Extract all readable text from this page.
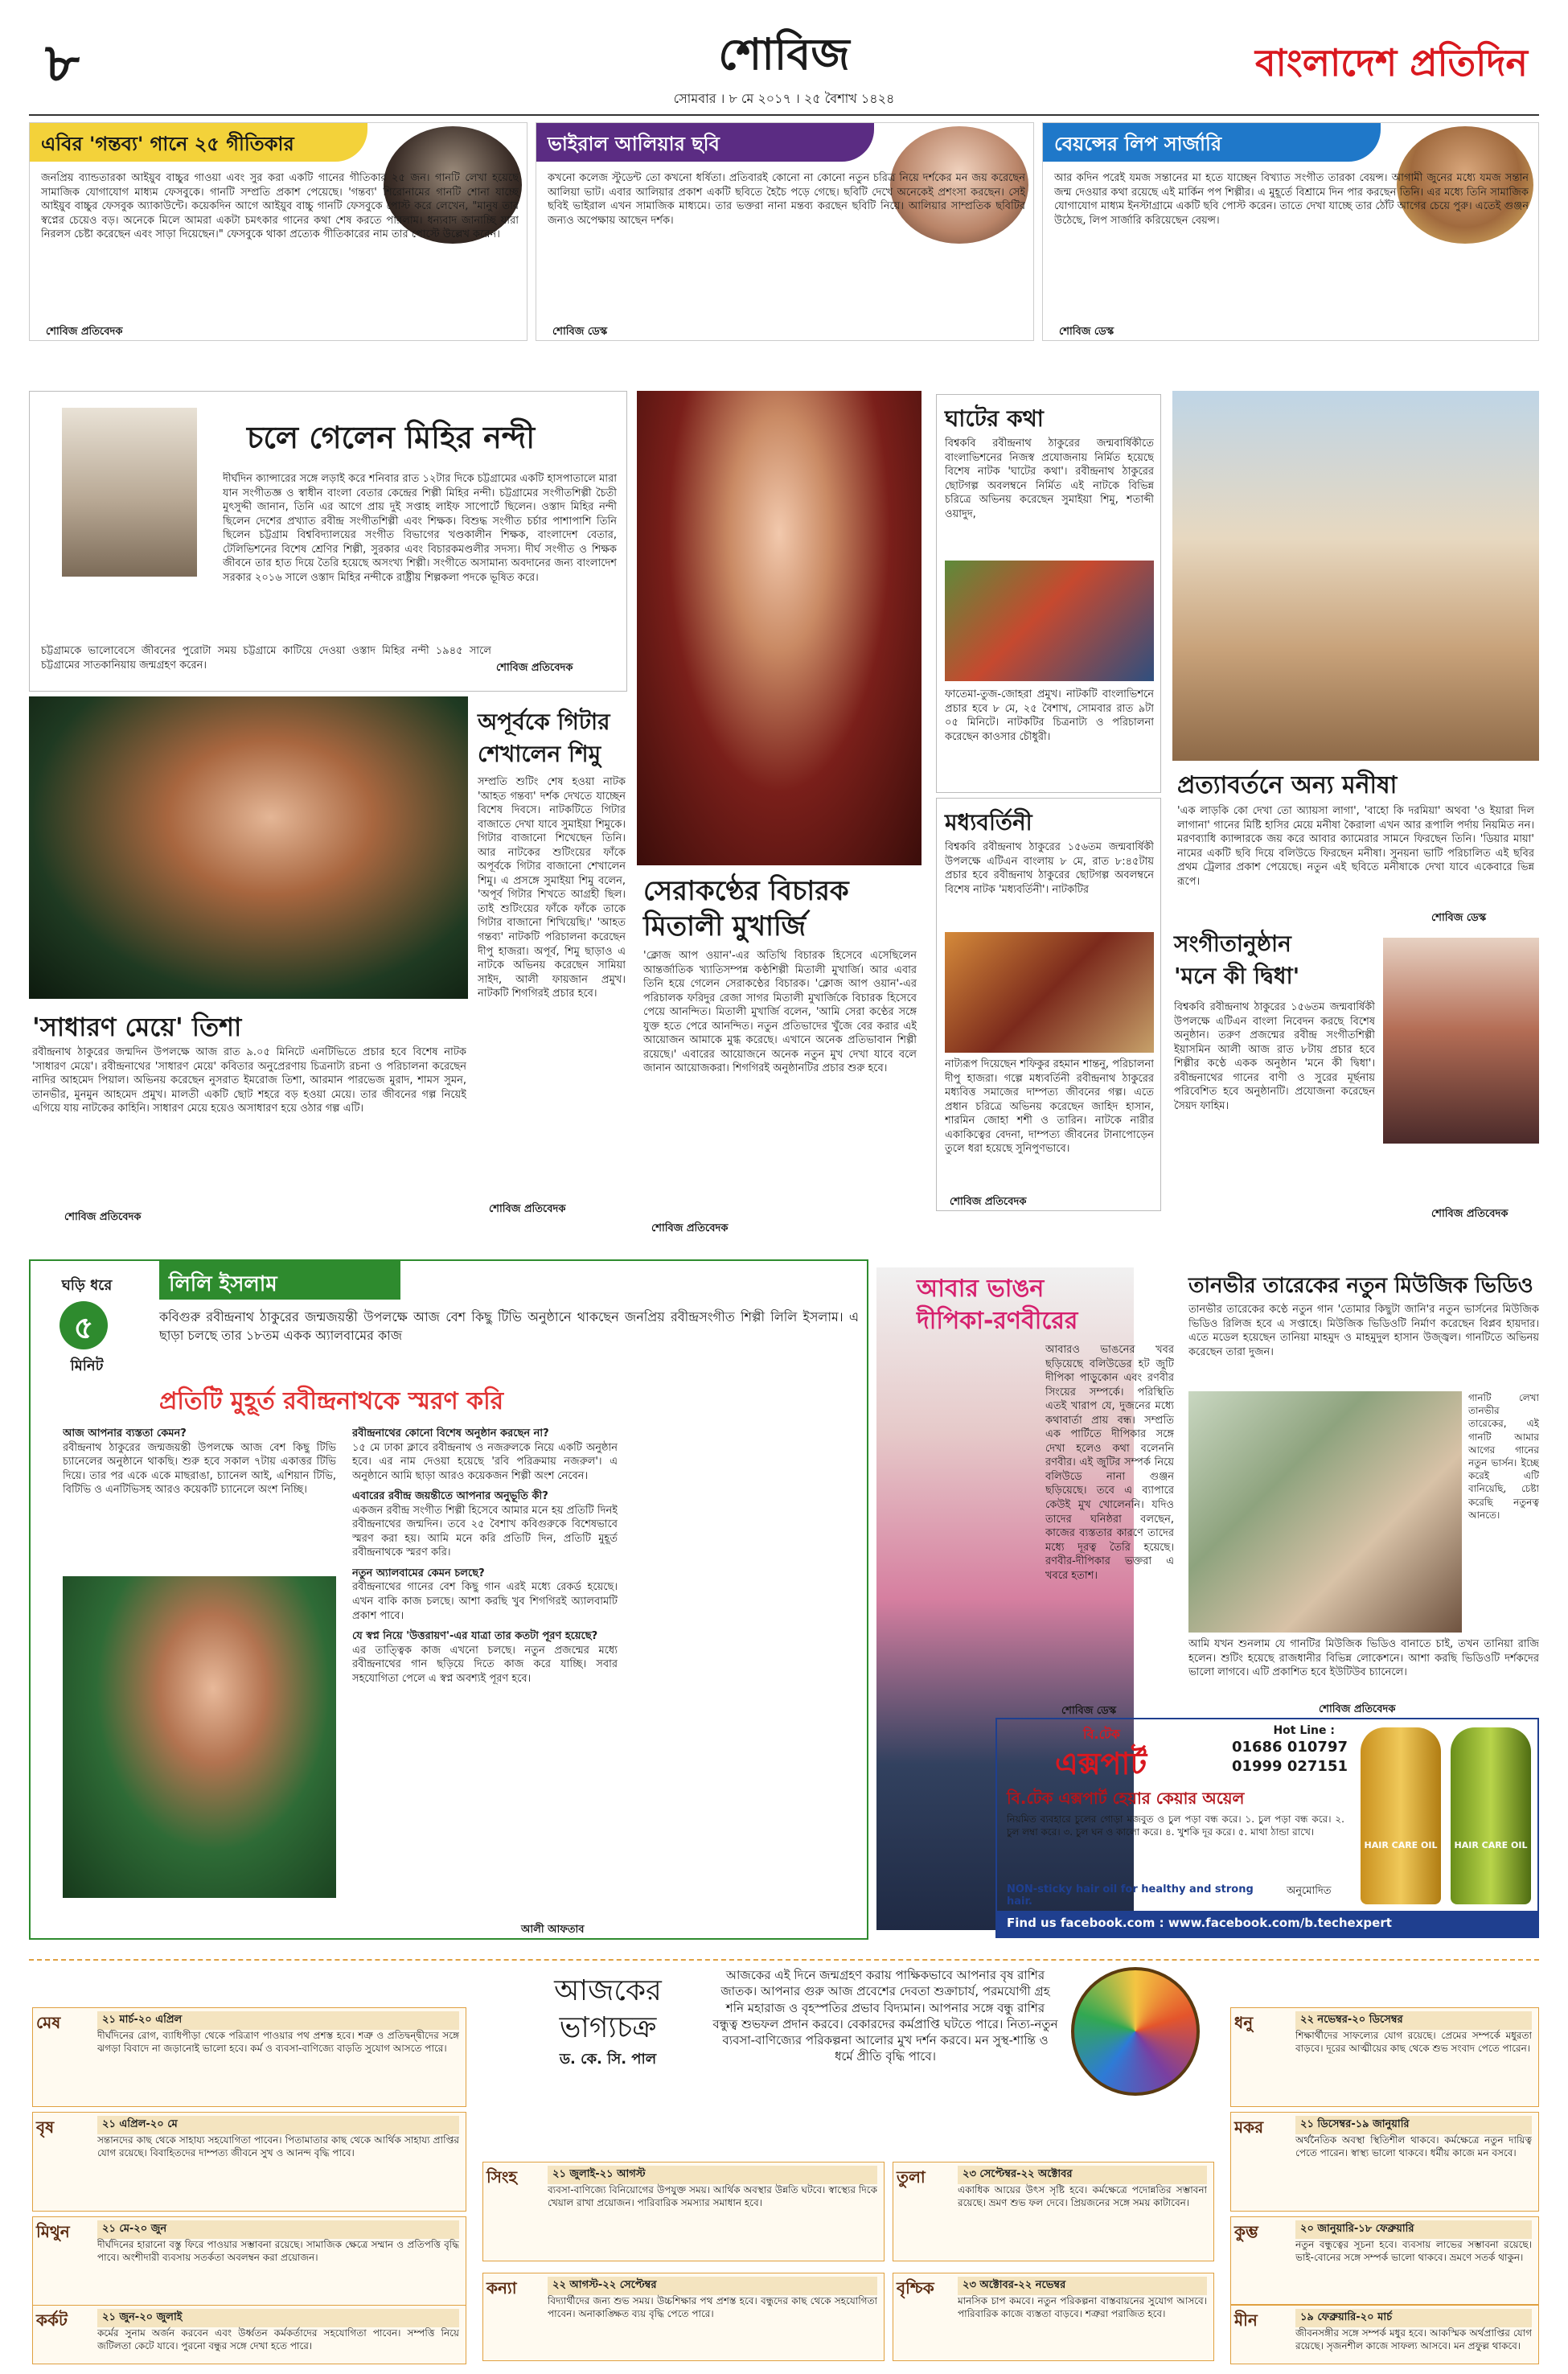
৮	শোবিজ
সোমবার । ৮ মে ২০১৭ । ২৫ বৈশাখ ১৪২৪
বাংলাদেশ প্রতিদিন
এবির 'গন্তব্য' গানে ২৫ গীতিকার
জনপ্রিয় ব্যান্ডতারকা আইয়ুব বাচ্চুর গাওয়া এবং সুর করা একটি গানের গীতিকার ২৫ জন। গানটি লেখা হয়েছে সামাজিক যোগাযোগ মাধ্যম ফেসবুকে। গানটি সম্প্রতি প্রকাশ পেয়েছে। 'গন্তব্য' শিরোনামের গানটি শোনা যাচ্ছে আইয়ুব বাচ্চুর ফেসবুক অ্যাকাউন্টে। কয়েকদিন আগে আইয়ুব বাচ্চু গানটি ফেসবুকে পোস্ট করে লেখেন, "মানুষ তার স্বপ্নের চেয়েও বড়। অনেকে মিলে আমরা একটা চমৎকার গানের কথা শেষ করতে পারলাম। ধন্যবাদ জানাচ্ছি যারা নিরলস চেষ্টা করেছেন এবং সাড়া দিয়েছেন।" ফেসবুকে থাকা প্রত্যেক গীতিকারের নাম তার পোস্টে উল্লেখ করেন।
শোবিজ প্রতিবেদক
ভাইরাল আলিয়ার ছবি
কখনো কলেজ স্টুডেন্ট তো কখনো ধর্ষিতা। প্রতিবারই কোনো না কোনো নতুন চরিত্র নিয়ে দর্শকের মন জয় করেছেন আলিয়া ভাট। এবার আলিয়ার প্রকাশ একটি ছবিতে হৈচৈ পড়ে গেছে। ছবিটি দেখে অনেকেই প্রশংসা করছেন। সেই ছবিই ভাইরাল এখন সামাজিক মাধ্যমে। তার ভক্তরা নানা মন্তব্য করছেন ছবিটি নিয়ে। আলিয়ার সাম্প্রতিক ছবিটির জন্যও অপেক্ষায় আছেন দর্শক।
শোবিজ ডেস্ক
বেয়ন্সের লিপ সার্জারি
আর কদিন পরেই যমজ সন্তানের মা হতে যাচ্ছেন বিখ্যাত সংগীত তারকা বেয়ন্স। আগামী জুনের মধ্যে যমজ সন্তান জন্ম দেওয়ার কথা রয়েছে এই মার্কিন পপ শিল্পীর। এ মুহূর্তে বিশ্রামে দিন পার করছেন তিনি। এর মধ্যে তিনি সামাজিক যোগাযোগ মাধ্যম ইনস্টাগ্রামে একটি ছবি পোস্ট করেন। তাতে দেখা যাচ্ছে তার ঠোঁট আগের চেয়ে পুরু। এতেই গুঞ্জন উঠেছে, লিপ সার্জারি করিয়েছেন বেয়ন্স।
শোবিজ ডেস্ক
চলে গেলেন মিহির নন্দী
দীর্ঘদিন ক্যান্সারের সঙ্গে লড়াই করে শনিবার রাত ১২টার দিকে চট্টগ্রামের একটি হাসপাতালে মারা যান সংগীতজ্ঞ ও স্বাধীন বাংলা বেতার কেন্দ্রের শিল্পী মিহির নন্দী। চট্টগ্রামের সংগীতশিল্পী চৈতী মুৎসুদ্দী জানান, তিনি এর আগে প্রায় দুই সপ্তাহ লাইফ সাপোর্টে ছিলেন। ওস্তাদ মিহির নন্দী ছিলেন দেশের প্রখ্যাত রবীন্দ্র সংগীতশিল্পী এবং শিক্ষক। বিশুদ্ধ সংগীত চর্চার পাশাপাশি তিনি ছিলেন চট্টগ্রাম বিশ্ববিদ্যালয়ের সংগীত বিভাগের খণ্ডকালীন শিক্ষক, বাংলাদেশ বেতার, টেলিভিশনের বিশেষ শ্রেণির শিল্পী, সুরকার এবং বিচারকমণ্ডলীর সদস্য। দীর্ঘ সংগীত ও শিক্ষক জীবনে তার হাত দিয়ে তৈরি হয়েছে অসংখ্য শিল্পী। সংগীতে অসামান্য অবদানের জন্য বাংলাদেশ সরকার ২০১৬ সালে ওস্তাদ মিহির নন্দীকে রাষ্ট্রীয় শিল্পকলা পদকে ভূষিত করে।
চট্টগ্রামকে ভালোবেসে জীবনের পুরোটা সময় চট্টগ্রামে কাটিয়ে দেওয়া ওস্তাদ মিহির নন্দী ১৯৪৫ সালে চট্টগ্রামের সাতকানিয়ায় জন্মগ্রহণ করেন।	শোবিজ প্রতিবেদক
সেরাকণ্ঠের বিচারক
মিতালী মুখার্জি
'ক্লোজ আপ ওয়ান'-এর অতিথি বিচারক হিসেবে এসেছিলেন আন্তর্জাতিক খ্যাতিসম্পন্ন কণ্ঠশিল্পী মিতালী মুখার্জি। আর এবার তিনি হয়ে গেলেন সেরাকণ্ঠের বিচারক। 'ক্লোজ আপ ওয়ান'-এর পরিচালক ফরিদুর রেজা সাগর মিতালী মুখার্জিকে বিচারক হিসেবে পেয়ে আনন্দিত। মিতালী মুখার্জি বলেন, 'আমি সেরা কণ্ঠের সঙ্গে যুক্ত হতে পেরে আনন্দিত। নতুন প্রতিভাদের খুঁজে বের করার এই আয়োজন আমাকে মুগ্ধ করেছে। এখানে অনেক প্রতিভাবান শিল্পী রয়েছে।' এবারের আয়োজনে অনেক নতুন মুখ দেখা যাবে বলে জানান আয়োজকরা। শিগগিরই অনুষ্ঠানটির প্রচার শুরু হবে।
শোবিজ প্রতিবেদক
ঘাটের কথা
বিশ্বকবি রবীন্দ্রনাথ ঠাকুরের জন্মবার্ষিকীতে বাংলাভিশনের নিজস্ব প্রযোজনায় নির্মিত হয়েছে বিশেষ নাটক 'ঘাটের কথা'। রবীন্দ্রনাথ ঠাকুরের ছোটগল্প অবলম্বনে নির্মিত এই নাটকে বিভিন্ন চরিত্রে অভিনয় করেছেন সুমাইয়া শিমু, শতাব্দী ওয়াদুদ,
ফাতেমা-তুজ-জোহরা প্রমুখ। নাটকটি বাংলাভিশনে প্রচার হবে ৮ মে, ২৫ বৈশাখ, সোমবার রাত ৯টা ০৫ মিনিটে। নাটকটির চিত্রনাট্য ও পরিচালনা করেছেন কাওসার চৌধুরী।
মধ্যবর্তিনী
বিশ্বকবি রবীন্দ্রনাথ ঠাকুরের ১৫৬তম জন্মবার্ষিকী উপলক্ষে এটিএন বাংলায় ৮ মে, রাত ৮:৪৫টায় প্রচার হবে রবীন্দ্রনাথ ঠাকুরের ছোটগল্প অবলম্বনে বিশেষ নাটক 'মধ্যবর্তিনী'। নাটকটির
নাট্যরূপ দিয়েছেন শফিকুর রহমান শান্তনু, পরিচালনা দীপু হাজরা। গল্পে মধ্যবর্তিনী রবীন্দ্রনাথ ঠাকুরের মধ্যবিত্ত সমাজের দাম্পত্য জীবনের গল্প। এতে প্রধান চরিত্রে অভিনয় করেছেন জাহিদ হাসান, শারমিন জোহা শশী ও তারিন। নাটকে নারীর একাকিত্বের বেদনা, দাম্পত্য জীবনের টানাপোড়েন তুলে ধরা হয়েছে সুনিপুণভাবে।
শোবিজ প্রতিবেদক
প্রত্যাবর্তনে অন্য মনীষা
'এক লাড়কি কো দেখা তো অ্যায়সা লাগা', 'বাহো কি দরমিয়া' অথবা 'ও ইয়ারা দিল লাগানা' গানের মিষ্টি হাসির মেয়ে মনীষা কৈরালা এখন আর রূপালি পর্দায় নিয়মিত নন। মরণব্যাধি ক্যান্সারকে জয় করে আবার ক্যামেরার সামনে ফিরছেন তিনি। 'ডিয়ার মায়া' নামের একটি ছবি দিয়ে বলিউডে ফিরছেন মনীষা। সুনয়না ভাটি পরিচালিত এই ছবির প্রথম ট্রেলার প্রকাশ পেয়েছে। নতুন এই ছবিতে মনীষাকে দেখা যাবে একেবারে ভিন্ন রূপে।
শোবিজ ডেস্ক
অপূর্বকে গিটার
শেখালেন শিমু
সম্প্রতি শুটিং শেষ হওয়া নাটক 'আহত গন্তব্য' দর্শক দেখতে যাচ্ছেন বিশেষ দিবসে। নাটকটিতে গিটার বাজাতে দেখা যাবে সুমাইয়া শিমুকে। গিটার বাজানো শিখেছেন তিনি। আর নাটকের শুটিংয়ের ফাঁকে অপূর্বকে গিটার বাজানো শেখালেন শিমু। এ প্রসঙ্গে সুমাইয়া শিমু বলেন, 'অপূর্ব গিটার শিখতে আগ্রহী ছিল। তাই শুটিংয়ের ফাঁকে ফাঁকে তাকে গিটার বাজানো শিখিয়েছি।' 'আহত গন্তব্য' নাটকটি পরিচালনা করেছেন দীপু হাজরা। অপূর্ব, শিমু ছাড়াও এ নাটকে অভিনয় করেছেন সামিয়া সাইদ, আলী ফায়জান প্রমুখ। নাটকটি শিগগিরই প্রচার হবে।
শোবিজ প্রতিবেদক
'সাধারণ মেয়ে' তিশা
রবীন্দ্রনাথ ঠাকুরের জন্মদিন উপলক্ষে আজ রাত ৯.০৫ মিনিটে এনটিভিতে প্রচার হবে বিশেষ নাটক 'সাধারণ মেয়ে'। রবীন্দ্রনাথের 'সাধারণ মেয়ে' কবিতার অনুপ্রেরণায় চিত্রনাট্য রচনা ও পরিচালনা করেছেন নাদির আহমেদ পিয়াল। অভিনয় করেছেন নুসরাত ইমরোজ তিশা, আরমান পারভেজ মুরাদ, শামস সুমন, তানভীর, মুনমুন আহমেদ প্রমুখ। মালতী একটি ছোট শহরে বড় হওয়া মেয়ে। তার জীবনের গল্প নিয়েই এগিয়ে যায় নাটকের কাহিনি। সাধারণ মেয়ে হয়েও অসাধারণ হয়ে ওঠার গল্প এটি।
শোবিজ প্রতিবেদক
সংগীতানুষ্ঠান
'মনে কী দ্বিধা'
বিশ্বকবি রবীন্দ্রনাথ ঠাকুরের ১৫৬তম জন্মবার্ষিকী উপলক্ষে এটিএন বাংলা নিবেদন করছে বিশেষ অনুষ্ঠান। তরুণ প্রজন্মের রবীন্দ্র সংগীতশিল্পী ইয়াসমিন আলী আজ রাত ৮টায় প্রচার হবে শিল্পীর কণ্ঠে একক অনুষ্ঠান 'মনে কী দ্বিধা'। রবীন্দ্রনাথের গানের বাণী ও সুরের মূর্ছনায় পরিবেশিত হবে অনুষ্ঠানটি। প্রযোজনা করেছেন সৈয়দ ফাহিম।
শোবিজ প্রতিবেদক
ঘড়ি ধরে
৫
মিনিট
লিলি ইসলাম
কবিগুরু রবীন্দ্রনাথ ঠাকুরের জন্মজয়ন্তী উপলক্ষে আজ বেশ কিছু টিভি অনুষ্ঠানে থাকছেন জনপ্রিয় রবীন্দ্রসংগীত শিল্পী লিলি ইসলাম। এ ছাড়া চলছে তার ১৮তম একক অ্যালবামের কাজ
প্রতিটি মুহূর্ত রবীন্দ্রনাথকে স্মরণ করি
আজ আপনার ব্যস্ততা কেমন?
রবীন্দ্রনাথ ঠাকুরের জন্মজয়ন্তী উপলক্ষে আজ বেশ কিছু টিভি চ্যানেলের অনুষ্ঠানে থাকছি। শুরু হবে সকাল ৭টায় একাত্তর টিভি দিয়ে। তার পর একে একে মাছরাঙা, চ্যানেল আই, এশিয়ান টিভি, বিটিভি ও এনটিভিসহ আরও কয়েকটি চ্যানেলে অংশ নিচ্ছি।
রবীন্দ্রনাথের কোনো বিশেষ অনুষ্ঠান করছেন না?
১৫ মে ঢাকা ক্লাবে রবীন্দ্রনাথ ও নজরুলকে নিয়ে একটি অনুষ্ঠান হবে। এর নাম দেওয়া হয়েছে 'রবি পরিক্রমায় নজরুল'। এ অনুষ্ঠানে আমি ছাড়া আরও কয়েকজন শিল্পী অংশ নেবেন।
এবারের রবীন্দ্র জয়ন্তীতে আপনার অনুভূতি কী?
একজন রবীন্দ্র সংগীত শিল্পী হিসেবে আমার মনে হয় প্রতিটি দিনই রবীন্দ্রনাথের জন্মদিন। তবে ২৫ বৈশাখ কবিগুরুকে বিশেষভাবে স্মরণ করা হয়। আমি মনে করি প্রতিটি দিন, প্রতিটি মুহূর্ত রবীন্দ্রনাথকে স্মরণ করি।
নতুন অ্যালবামের কেমন চলছে?
রবীন্দ্রনাথের গানের বেশ কিছু গান এরই মধ্যে রেকর্ড হয়েছে। এখন বাকি কাজ চলছে। আশা করছি খুব শিগগিরই অ্যালবামটি প্রকাশ পাবে।
যে স্বপ্ন নিয়ে 'উত্তরায়ণ'-এর যাত্রা তার কতটা পূরণ হয়েছে?
এর তাত্ত্বিক কাজ এখনো চলছে। নতুন প্রজন্মের মধ্যে রবীন্দ্রনাথের গান ছড়িয়ে দিতে কাজ করে যাচ্ছি। সবার সহযোগিতা পেলে এ স্বপ্ন অবশ্যই পূরণ হবে।
আলী আফতাব
আবার ভাঙন
দীপিকা-রণবীরের
আবারও ভাঙনের খবর ছড়িয়েছে বলিউডের হট জুটি দীপিকা পাড়ুকোন এবং রণবীর সিংয়ের সম্পর্কে। পরিস্থিতি এতই খারাপ যে, দুজনের মধ্যে কথাবার্তা প্রায় বন্ধ। সম্প্রতি এক পার্টিতে দীপিকার সঙ্গে দেখা হলেও কথা বলেননি রণবীর। এই জুটির সম্পর্ক নিয়ে বলিউডে নানা গুঞ্জন ছড়িয়েছে। তবে এ ব্যাপারে কেউই মুখ খোলেননি। যদিও তাদের ঘনিষ্ঠরা বলছেন, কাজের ব্যস্ততার কারণে তাদের মধ্যে দূরত্ব তৈরি হয়েছে। রণবীর-দীপিকার ভক্তরা এ খবরে হতাশ।
শোবিজ ডেস্ক
তানভীর তারেকের নতুন মিউজিক ভিডিও
তানভীর তারেকের কণ্ঠে নতুন গান 'তোমার কিছুটা জানি'র নতুন ভার্সনের মিউজিক ভিডিও রিলিজ হবে এ সপ্তাহে। মিউজিক ভিডিওটি নির্মাণ করেছেন বিপ্লব হায়দার। এতে মডেল হয়েছেন তানিয়া মাহমুদ ও মাহমুদুল হাসান উজ্জ্বল। গানটিতে অভিনয় করেছেন তারা দুজন।
গানটি লেখা তানভীর তারেকের, এই গানটি আমার আগের গানের নতুন ভার্সন। ইচ্ছে করেই এটি বানিয়েছি, চেষ্টা করেছি নতুনত্ব আনতে।
আমি যখন শুনলাম যে গানটির মিউজিক ভিডিও বানাতে চাই, তখন তানিয়া রাজি হলেন। শুটিং হয়েছে রাজধানীর বিভিন্ন লোকেশনে। আশা করছি ভিডিওটি দর্শকদের ভালো লাগবে। এটি প্রকাশিত হবে ইউটিউব চ্যানেলে।
শোবিজ প্রতিবেদক
বি.টেক
এক্সপার্ট
Hot Line :
01686 010797
01999 027151
বি.টেক এক্সপার্ট হেয়ার কেয়ার অয়েল
নিয়মিত ব্যবহারে চুলের গোড়া মজবুত ও চুল পড়া বন্ধ করে। ১. চুল পড়া বন্ধ করে। ২. চুল লম্বা করে। ৩. চুল ঘন ও কালো করে। ৪. খুশকি দূর করে। ৫. মাথা ঠান্ডা রাখে।
NON-sticky hair oil for healthy and strong hair.
অনুমোদিত
HAIR CARE OIL	HAIR CARE OIL
Find us facebook.com : www.facebook.com/b.techexpert
আজকের
ভাগ্যচক্র
ড. কে. সি. পাল
আজকের এই দিনে জন্মগ্রহণ করায় পাক্ষিকভাবে আপনার বৃষ রাশির জাতক। আপনার গুরু আজ প্রবেশের দেবতা শুক্রাচার্য, পরমযোগী গ্রহ শনি মহারাজ ও বৃহস্পতির প্রভাব বিদ্যমান। আপনার সঙ্গে বন্ধু রাশির বন্ধুত্ব শুভফল প্রদান করবে। বেকারদের কর্মপ্রাপ্তি ঘটতে পারে। নিত্য-নতুন ব্যবসা-বাণিজ্যের পরিকল্পনা আলোর মুখ দর্শন করবে। মন সুস্থ-শান্তি ও ধর্মে প্রীতি বৃদ্ধি পাবে।
মেষ	২১ মার্চ-২০ এপ্রিল
দীর্ঘদিনের রোগ, ব্যাধিপীড়া থেকে পরিত্রাণ পাওয়ার পথ প্রশস্ত হবে। শত্রু ও প্রতিদ্বন্দ্বীদের সঙ্গে ঝগড়া বিবাদে না জড়ানোই ভালো হবে। কর্ম ও ব্যবসা-বাণিজ্যে বাড়তি সুযোগ আসতে পারে।
বৃষ	২১ এপ্রিল-২০ মে
সন্তানদের কাছ থেকে সাহায্য সহযোগিতা পাবেন। পিতামাতার কাছ থেকে আর্থিক সাহায্য প্রাপ্তির যোগ রয়েছে। বিবাহিতদের দাম্পত্য জীবনে সুখ ও আনন্দ বৃদ্ধি পাবে।
মিথুন	২১ মে-২০ জুন
দীর্ঘদিনের হারানো বস্তু ফিরে পাওয়ার সম্ভাবনা রয়েছে। সামাজিক ক্ষেত্রে সম্মান ও প্রতিপত্তি বৃদ্ধি পাবে। অংশীদারী ব্যবসায় সতর্কতা অবলম্বন করা প্রয়োজন।
কর্কট	২১ জুন-২০ জুলাই
কর্মের সুনাম অর্জন করবেন এবং উর্ধ্বতন কর্মকর্তাদের সহযোগিতা পাবেন। সম্পত্তি নিয়ে জটিলতা কেটে যাবে। পুরনো বন্ধুর সঙ্গে দেখা হতে পারে।
সিংহ	২১ জুলাই-২১ আগস্ট
ব্যবসা-বাণিজ্যে বিনিয়োগের উপযুক্ত সময়। আর্থিক অবস্থার উন্নতি ঘটবে। স্বাস্থ্যের দিকে খেয়াল রাখা প্রয়োজন। পারিবারিক সমস্যার সমাধান হবে।
কন্যা	২২ আগস্ট-২২ সেপ্টেম্বর
বিদ্যার্থীদের জন্য শুভ সময়। উচ্চশিক্ষার পথ প্রশস্ত হবে। বন্ধুদের কাছ থেকে সহযোগিতা পাবেন। অনাকাঙ্ক্ষিত ব্যয় বৃদ্ধি পেতে পারে।
তুলা	২৩ সেপ্টেম্বর-২২ অক্টোবর
একাধিক আয়ের উৎস সৃষ্টি হবে। কর্মক্ষেত্রে পদোন্নতির সম্ভাবনা রয়েছে। ভ্রমণ শুভ ফল দেবে। প্রিয়জনের সঙ্গে সময় কাটাবেন।
বৃশ্চিক	২৩ অক্টোবর-২২ নভেম্বর
মানসিক চাপ কমবে। নতুন পরিকল্পনা বাস্তবায়নের সুযোগ আসবে। পারিবারিক কাজে ব্যস্ততা বাড়বে। শত্রুরা পরাজিত হবে।
ধনু	২২ নভেম্বর-২০ ডিসেম্বর
শিক্ষার্থীদের সাফল্যের যোগ রয়েছে। প্রেমের সম্পর্কে মধুরতা বাড়বে। দূরের আত্মীয়ের কাছ থেকে শুভ সংবাদ পেতে পারেন।
মকর	২১ ডিসেম্বর-১৯ জানুয়ারি
অর্থনৈতিক অবস্থা স্থিতিশীল থাকবে। কর্মক্ষেত্রে নতুন দায়িত্ব পেতে পারেন। স্বাস্থ্য ভালো থাকবে। ধর্মীয় কাজে মন বসবে।
কুম্ভ	২০ জানুয়ারি-১৮ ফেব্রুয়ারি
নতুন বন্ধুত্বের সূচনা হবে। ব্যবসায় লাভের সম্ভাবনা রয়েছে। ভাই-বোনের সঙ্গে সম্পর্ক ভালো থাকবে। ভ্রমণে সতর্ক থাকুন।
মীন	১৯ ফেব্রুয়ারি-২০ মার্চ
জীবনসঙ্গীর সঙ্গে সম্পর্ক মধুর হবে। আকস্মিক অর্থপ্রাপ্তির যোগ রয়েছে। সৃজনশীল কাজে সাফল্য আসবে। মন প্রফুল্ল থাকবে।
